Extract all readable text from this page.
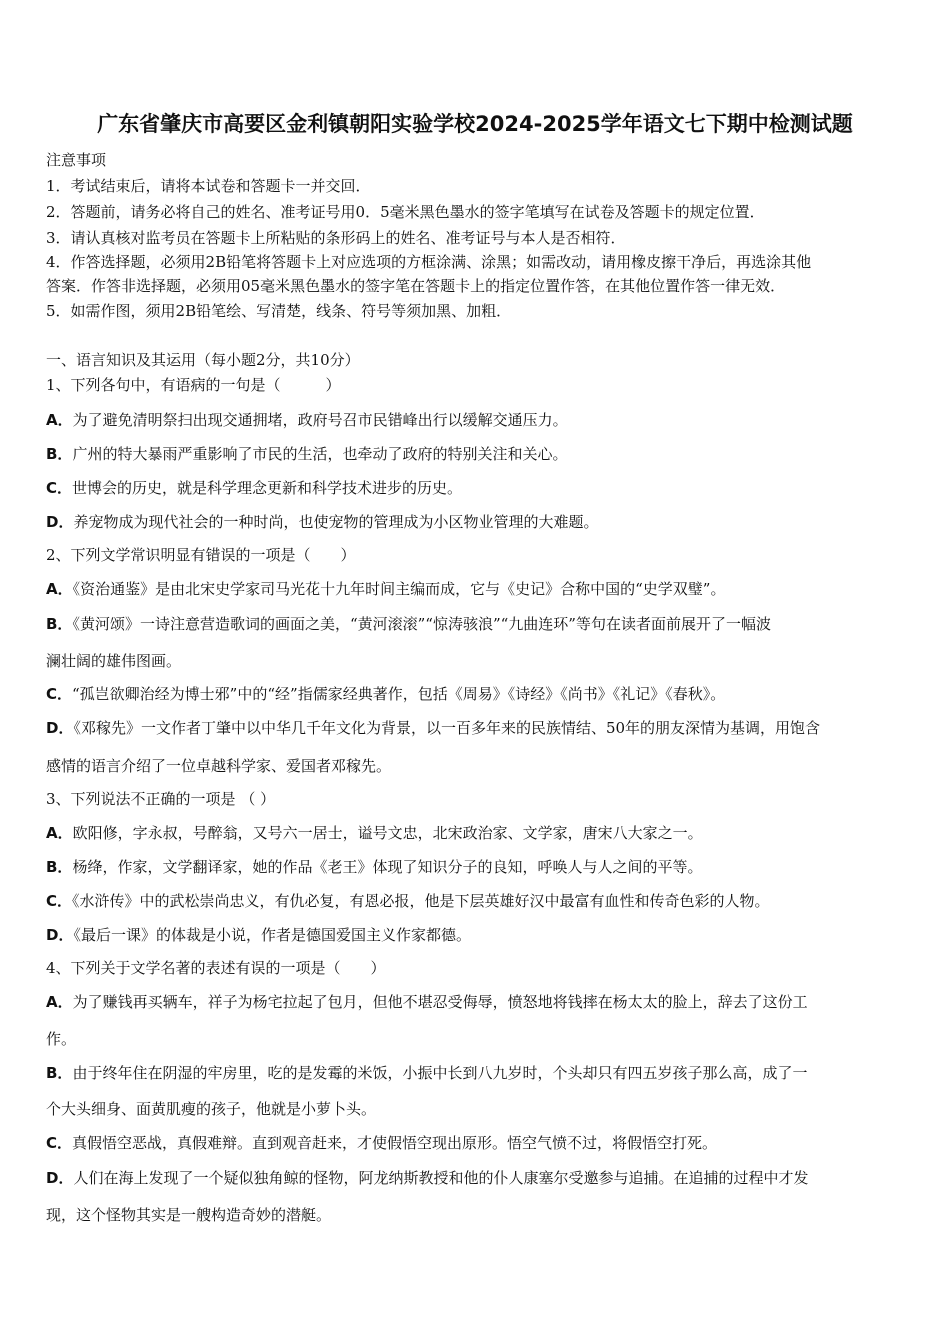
广东省肇庆市高要区金利镇朝阳实验学校2024-2025学年语文七下期中检测试题
注意事项
1．考试结束后，请将本试卷和答题卡一并交回．
2．答题前，请务必将自己的姓名、准考证号用0．5毫米黑色墨水的签字笔填写在试卷及答题卡的规定位置．
3．请认真核对监考员在答题卡上所粘贴的条形码上的姓名、准考证号与本人是否相符．
4．作答选择题，必须用2B铅笔将答题卡上对应选项的方框涂满、涂黑；如需改动，请用橡皮擦干净后，再选涂其他
答案．作答非选择题，必须用05毫米黑色墨水的签字笔在答题卡上的指定位置作答，在其他位置作答一律无效．
5．如需作图，须用2B铅笔绘、写清楚，线条、符号等须加黑、加粗．
一、语言知识及其运用（每小题2分，共10分）
1、下列各句中，有语病的一句是（　　　）
A．为了避免清明祭扫出现交通拥堵，政府号召市民错峰出行以缓解交通压力。
B．广州的特大暴雨严重影响了市民的生活，也牵动了政府的特别关注和关心。
C．世博会的历史，就是科学理念更新和科学技术进步的历史。
D．养宠物成为现代社会的一种时尚，也使宠物的管理成为小区物业管理的大难题。
2、下列文学常识明显有错误的一项是（　　）
A．《资治通鉴》是由北宋史学家司马光花十九年时间主编而成，它与《史记》合称中国的“史学双璧”。
B．《黄河颂》一诗注意营造歌词的画面之美，“黄河滚滚”“惊涛骇浪”“九曲连环”等句在读者面前展开了一幅波
澜壮阔的雄伟图画。
C．“孤岂欲卿治经为博士邪”中的“经”指儒家经典著作，包括《周易》《诗经》《尚书》《礼记》《春秋》。
D．《邓稼先》一文作者丁肇中以中华几千年文化为背景，以一百多年来的民族情结、50年的朋友深情为基调，用饱含
感情的语言介绍了一位卓越科学家、爱国者邓稼先。
3、下列说法不正确的一项是 （ ）
A．欧阳修，字永叔，号醉翁，又号六一居士，谥号文忠，北宋政治家、文学家，唐宋八大家之一。
B．杨绛，作家，文学翻译家，她的作品《老王》体现了知识分子的良知，呼唤人与人之间的平等。
C．《水浒传》中的武松崇尚忠义，有仇必复，有恩必报，他是下层英雄好汉中最富有血性和传奇色彩的人物。
D．《最后一课》的体裁是小说，作者是德国爱国主义作家都德。
4、下列关于文学名著的表述有误的一项是（　　）
A．为了赚钱再买辆车，祥子为杨宅拉起了包月，但他不堪忍受侮辱，愤怒地将钱摔在杨太太的脸上，辞去了这份工
作。
B．由于终年住在阴湿的牢房里，吃的是发霉的米饭，小振中长到八九岁时，个头却只有四五岁孩子那么高，成了一
个大头细身、面黄肌瘦的孩子，他就是小萝卜头。
C．真假悟空恶战，真假难辩。直到观音赶来，才使假悟空现出原形。悟空气愤不过，将假悟空打死。
D．人们在海上发现了一个疑似独角鲸的怪物，阿龙纳斯教授和他的仆人康塞尔受邀参与追捕。在追捕的过程中才发
现，这个怪物其实是一艘构造奇妙的潜艇。
